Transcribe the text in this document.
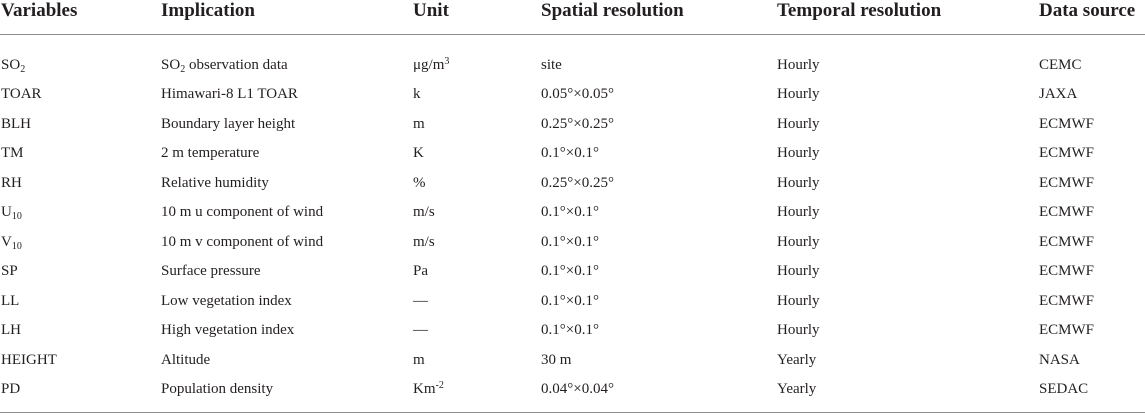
Variables	Implication	Unit	Spatial resolution	Temporal resolution	Data source
$SO_2$	$SO_2$ observation data	$\mu g/m^3$	site	Hourly	CEMC
TOAR	Himawari-8 L1 TOAR	k	0.05°×0.05°	Hourly	JAXA
BLH	Boundary layer height	m	0.25°×0.25°	Hourly	ECMWF
TM	2 m temperature	K	0.1°×0.1°	Hourly	ECMWF
RH	Relative humidity	%	0.25°×0.25°	Hourly	ECMWF
$U_{10}$	10 m u component of wind	m/s	0.1°×0.1°	Hourly	ECMWF
$V_{10}$	10 m v component of wind	m/s	0.1°×0.1°	Hourly	ECMWF
SP	Surface pressure	Pa	0.1°×0.1°	Hourly	ECMWF
LL	Low vegetation index	—	0.1°×0.1°	Hourly	ECMWF
LH	High vegetation index	—	0.1°×0.1°	Hourly	ECMWF
HEIGHT	Altitude	m	30 m	Yearly	NASA
PD	Population density	$Km^{-2}$	0.04°×0.04°	Yearly	SEDAC
